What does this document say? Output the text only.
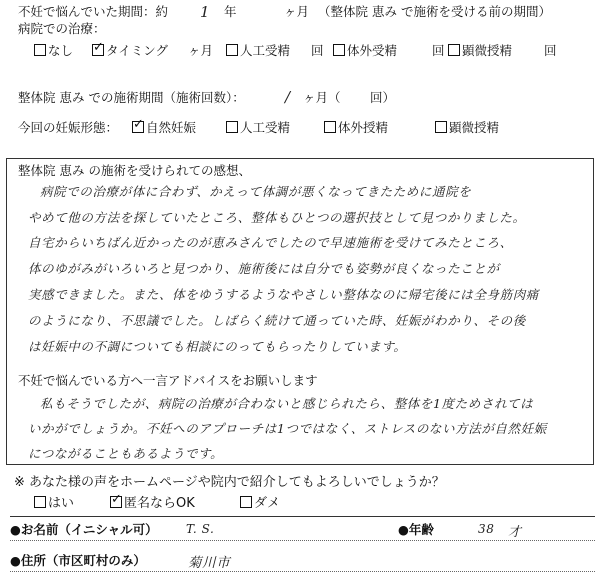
不妊で悩んでいた期間：約 1 年	ヶ月 （整体院 恵み で施術を受ける前の期間）
病院での治療：
なし ✓	タイミング ヶ月	人工受精 回	体外受精	回	顕微授精	回
整体院 恵み での施術期間（施術回数）：	/ ヶ月（ 回）
今回の妊娠形態： ✓	自然妊娠	人工受精	体外授精	顕微授精
整体院 恵み の施術を受けられての感想、
病院での治療が体に合わず、かえって体調が悪くなってきたために通院を
やめて他の方法を探していたところ、整体もひとつの選択技として見つかりました。
自宅からいちばん近かったのが恵みさんでしたので早速施術を受けてみたところ、
体のゆがみがいろいろと見つかり、施術後には自分でも姿勢が良くなったことが
実感できました。また、体をゆうするようなやさしい整体なのに帰宅後には全身筋肉痛
のようになり、不思議でした。しばらく続けて通っていた時、妊娠がわかり、その後
は妊娠中の不調についても相談にのってもらったりしています。
不妊で悩んでいる方へ一言アドバイスをお願いします
私もそうでしたが、病院の治療が合わないと感じられたら、整体を1度ためされては
いかがでしょうか。不妊へのアプローチは1つではなく、ストレスのない方法が自然妊娠
につながることもあるようです。
※ あなた様の声をホームページや院内で紹介してもよろしいでしょうか？
はい ✓	匿名ならOK	ダメ
●お名前（イニシャル可） T. S.	●年齢	38 才
●住所（市区町村のみ）	菊川市
